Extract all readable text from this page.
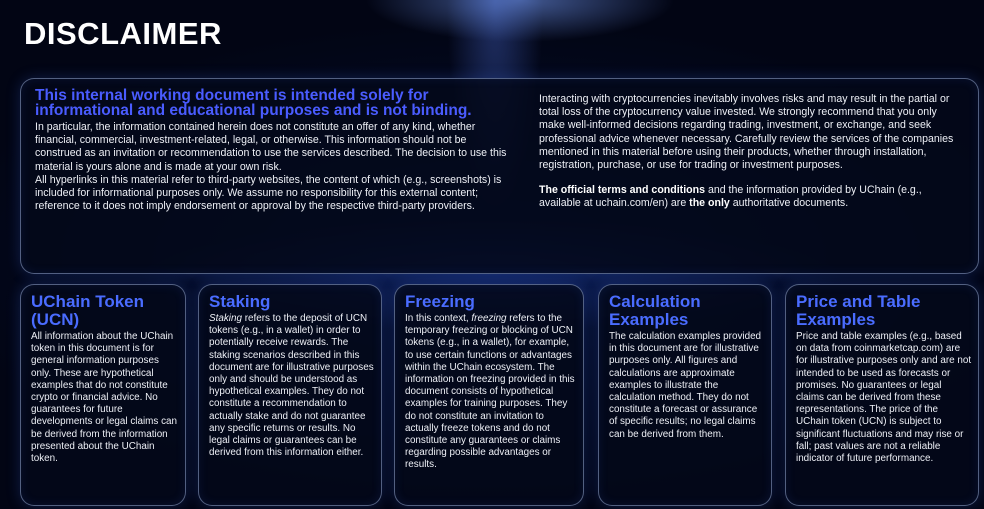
DISCLAIMER
This internal working document is intended solely for informational and educational purposes and is not binding.

In particular, the information contained herein does not constitute an offer of any kind, whether financial, commercial, investment-related, legal, or otherwise. This information should not be construed as an invitation or recommendation to use the services described. The decision to use this material is yours alone and is made at your own risk.

All hyperlinks in this material refer to third-party websites, the content of which (e.g., screenshots) is included for informational purposes only. We assume no responsibility for this external content; reference to it does not imply endorsement or approval by the respective third-party providers.

Interacting with cryptocurrencies inevitably involves risks and may result in the partial or total loss of the cryptocurrency value invested. We strongly recommend that you only make well-informed decisions regarding trading, investment, or exchange, and seek professional advice whenever necessary. Carefully review the services of the companies mentioned in this material before using their products, whether through installation, registration, purchase, or use for trading or investment purposes.

The official terms and conditions and the information provided by UChain (e.g., available at uchain.com/en) are the only authoritative documents.

UChain Token (UCN)

All information about the UChain token in this document is for general information purposes only. These are hypothetical examples that do not constitute crypto or financial advice. No guarantees for future developments or legal claims can be derived from the information presented about the UChain token.

Staking

Staking refers to the deposit of UCN tokens (e.g., in a wallet) in order to potentially receive rewards. The staking scenarios described in this document are for illustrative purposes only and should be understood as hypothetical examples. They do not constitute a recommendation to actually stake and do not guarantee any specific returns or results. No legal claims or guarantees can be derived from this information either.

Freezing

In this context, freezing refers to the temporary freezing or blocking of UCN tokens (e.g., in a wallet), for example, to use certain functions or advantages within the UChain ecosystem. The information on freezing provided in this document consists of hypothetical examples for training purposes. They do not constitute an invitation to actually freeze tokens and do not constitute any guarantees or claims regarding possible advantages or results.

Calculation Examples

The calculation examples provided in this document are for illustrative purposes only. All figures and calculations are approximate examples to illustrate the calculation method. They do not constitute a forecast or assurance of specific results; no legal claims can be derived from them.

Price and Table Examples

Price and table examples (e.g., based on data from coinmarketcap.com) are for illustrative purposes only and are not intended to be used as forecasts or promises. No guarantees or legal claims can be derived from these representations. The price of the UChain token (UCN) is subject to significant fluctuations and may rise or fall; past values are not a reliable indicator of future performance.
